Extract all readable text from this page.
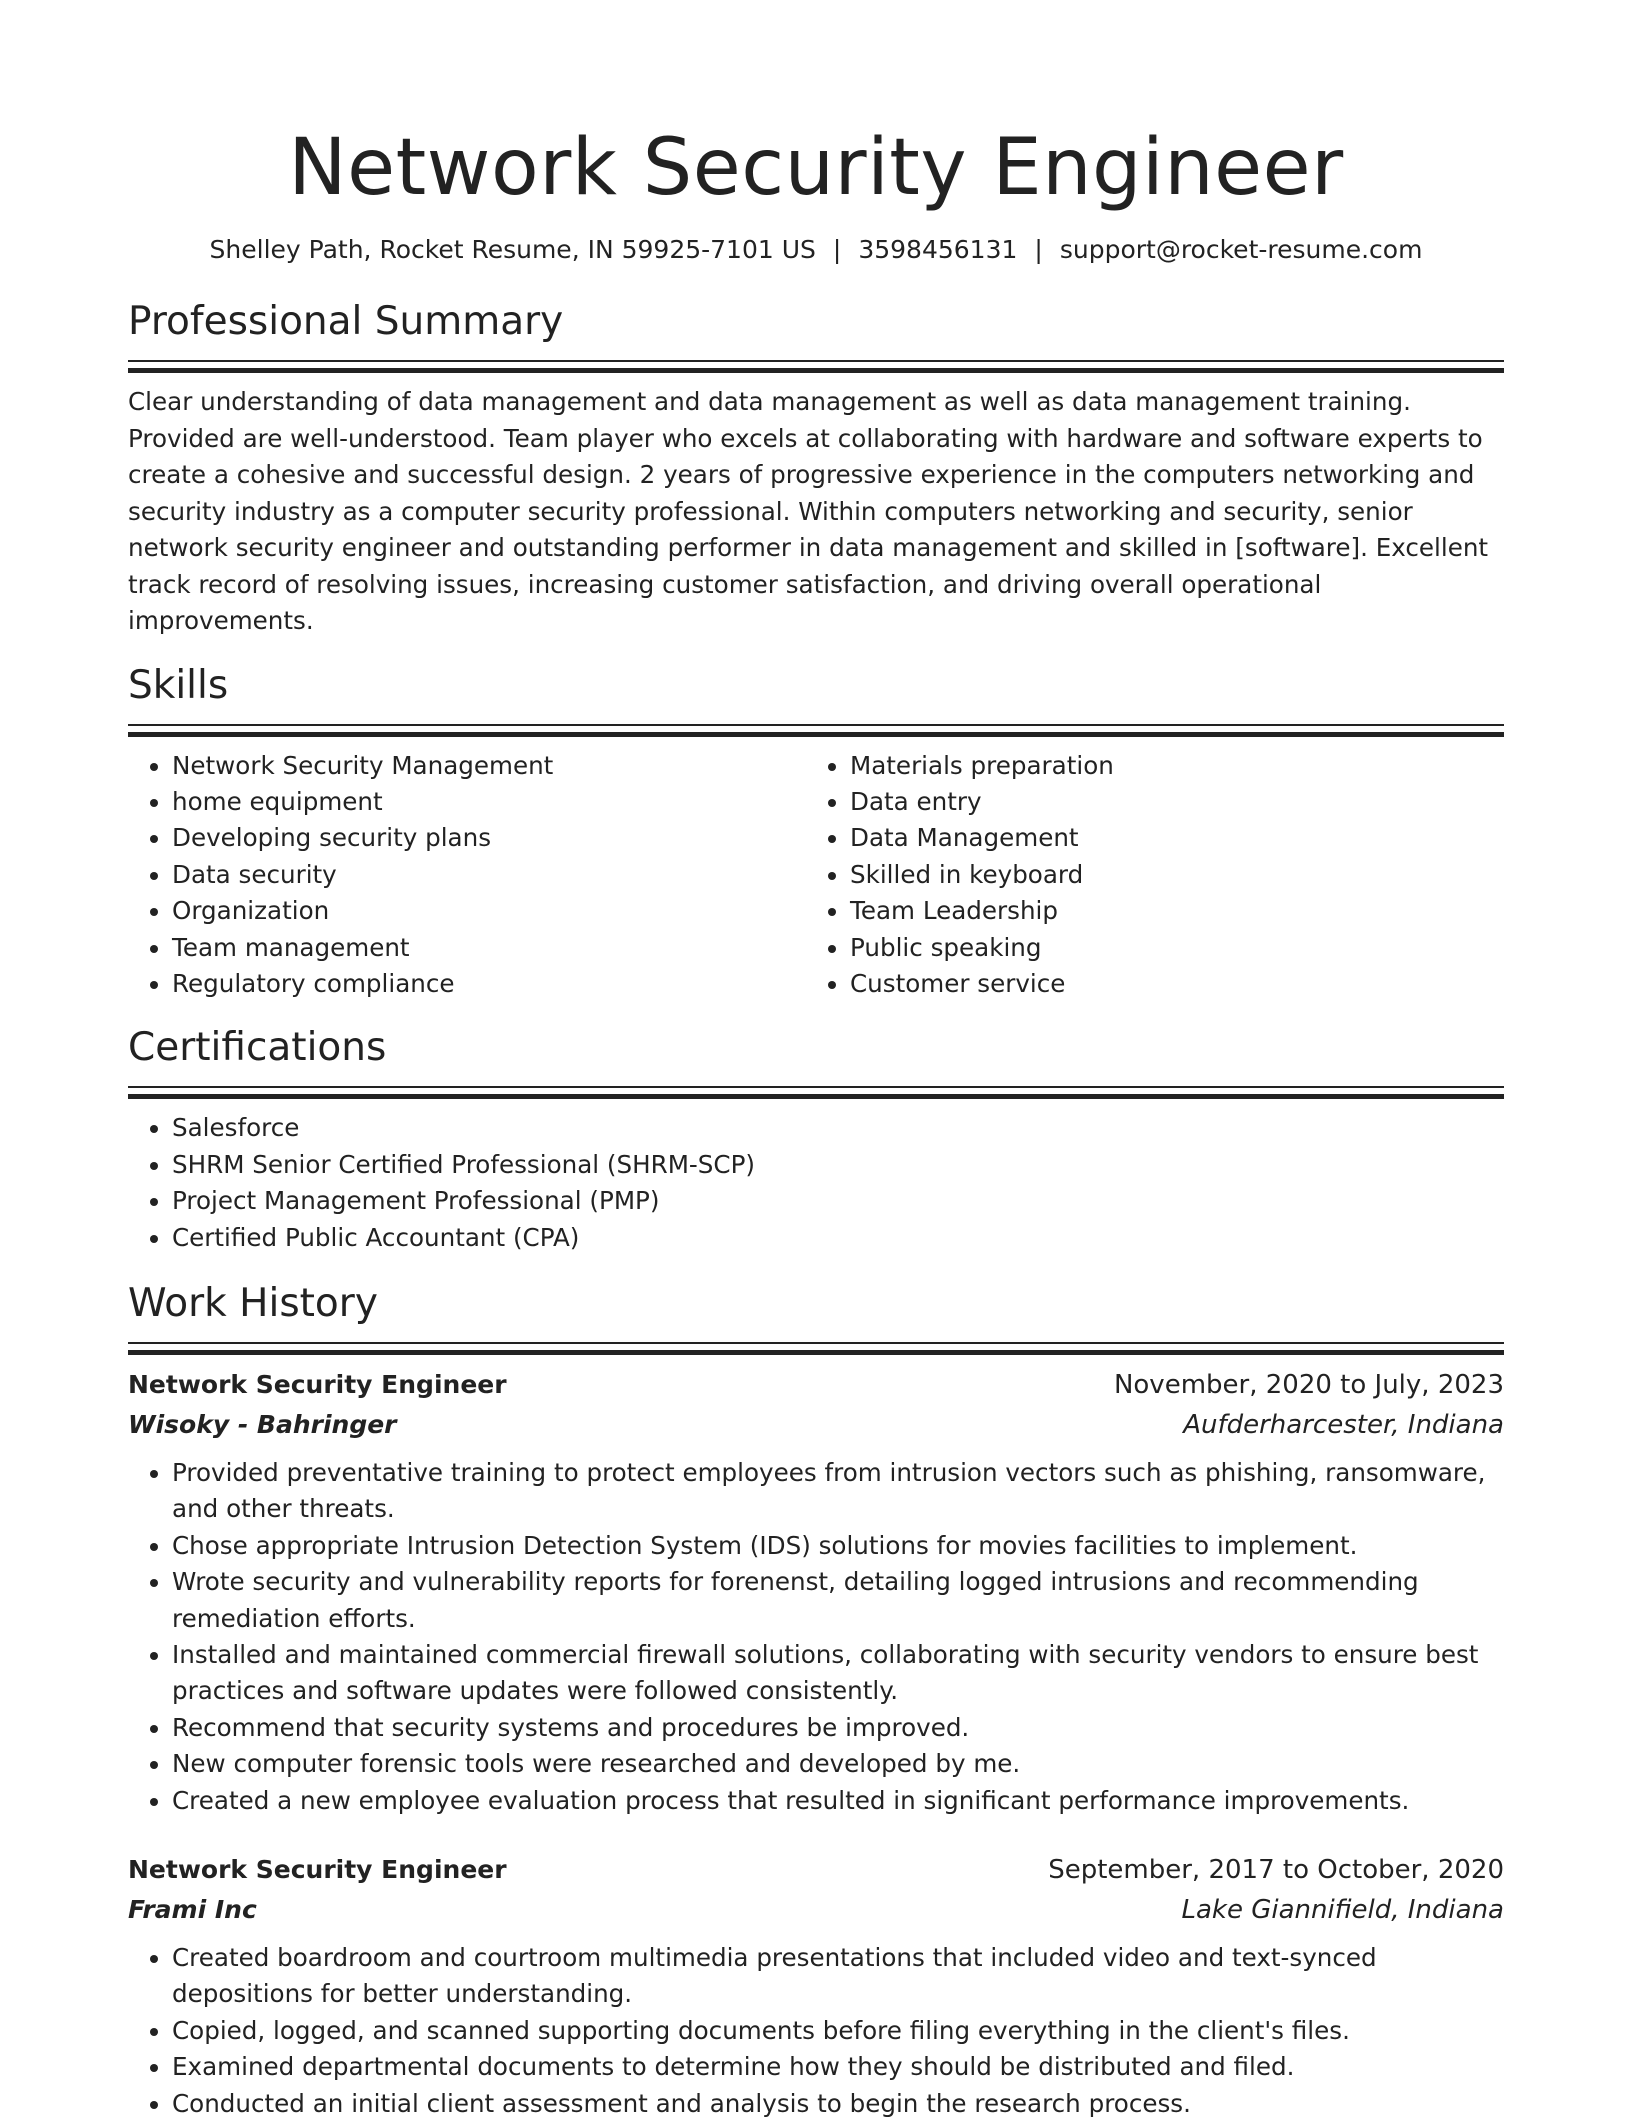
Network Security Engineer
Shelley Path, Rocket Resume, IN 59925-7101 US | 3598456131 | support@rocket-resume.com
Professional Summary

Clear understanding of data management and data management as well as data management training. Provided are well-understood. Team player who excels at collaborating with hardware and software experts to create a cohesive and successful design. 2 years of progressive experience in the computers networking and security industry as a computer security professional. Within computers networking and security, senior network security engineer and outstanding performer in data management and skilled in [software]. Excellent track record of resolving issues, increasing customer satisfaction, and driving overall operational improvements.

Skills
• Network Security Management
• home equipment
• Developing security plans
• Data security
• Organization
• Team management
• Regulatory compliance
• Materials preparation
• Data entry
• Data Management
• Skilled in keyboard
• Team Leadership
• Public speaking
• Customer service
Certifications
• Salesforce
• SHRM Senior Certified Professional (SHRM-SCP)
• Project Management Professional (PMP)
• Certified Public Accountant (CPA)
Work History
Network Security Engineer	November, 2020 to July, 2023
Wisoky - Bahringer	Aufderharcester, Indiana
• Provided preventative training to protect employees from intrusion vectors such as phishing, ransomware, and other threats.
• Chose appropriate Intrusion Detection System (IDS) solutions for movies facilities to implement.
• Wrote security and vulnerability reports for forenenst, detailing logged intrusions and recommending remediation efforts.
• Installed and maintained commercial firewall solutions, collaborating with security vendors to ensure best practices and software updates were followed consistently.
• Recommend that security systems and procedures be improved.
• New computer forensic tools were researched and developed by me.
• Created a new employee evaluation process that resulted in significant performance improvements.
Network Security Engineer	September, 2017 to October, 2020
Frami Inc	Lake Giannifield, Indiana
• Created boardroom and courtroom multimedia presentations that included video and text-synced depositions for better understanding.
• Copied, logged, and scanned supporting documents before filing everything in the client's files.
• Examined departmental documents to determine how they should be distributed and filed.
• Conducted an initial client assessment and analysis to begin the research process.
